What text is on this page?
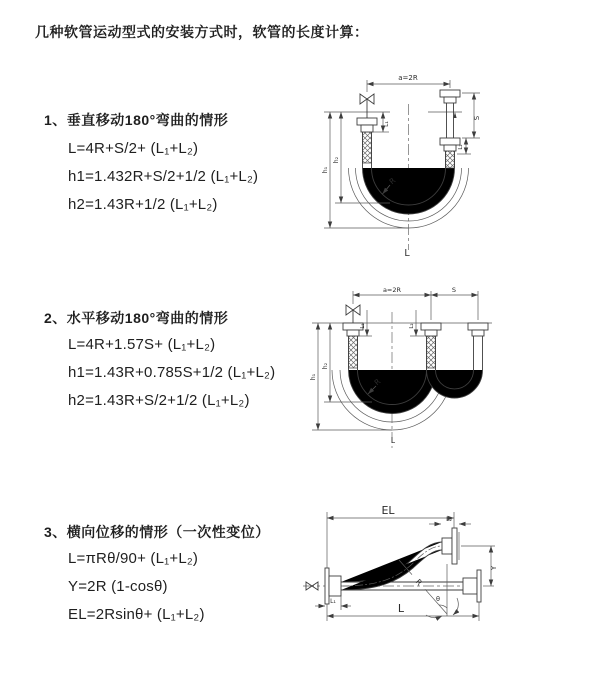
几种软管运动型式的安装方式时，软管的长度计算：
1、垂直移动180°弯曲的情形
L=4R+S/2+ (L₁+L₂)
h1=1.432R+S/2+1/2 (L₁+L₂)
h2=1.43R+1/2 (L₁+L₂)
a=2R
L₁
S
L₂
h₁
h₂
R
L
2、水平移动180°弯曲的情形
L=4R+1.57S+ (L₁+L₂)
h1=1.43R+0.785S+1/2 (L₁+L₂)
h2=1.43R+S/2+1/2 (L₁+L₂)
a=2R	S
L₁	L₂
h₁
h₂
R
L
3、横向位移的情形（一次性变位）
L=πRθ/90+ (L₁+L₂)
Y=2R (1-cosθ)
EL=2Rsinθ+ (L₁+L₂)
EL
L₂
Y
R
θ
L
L₁
